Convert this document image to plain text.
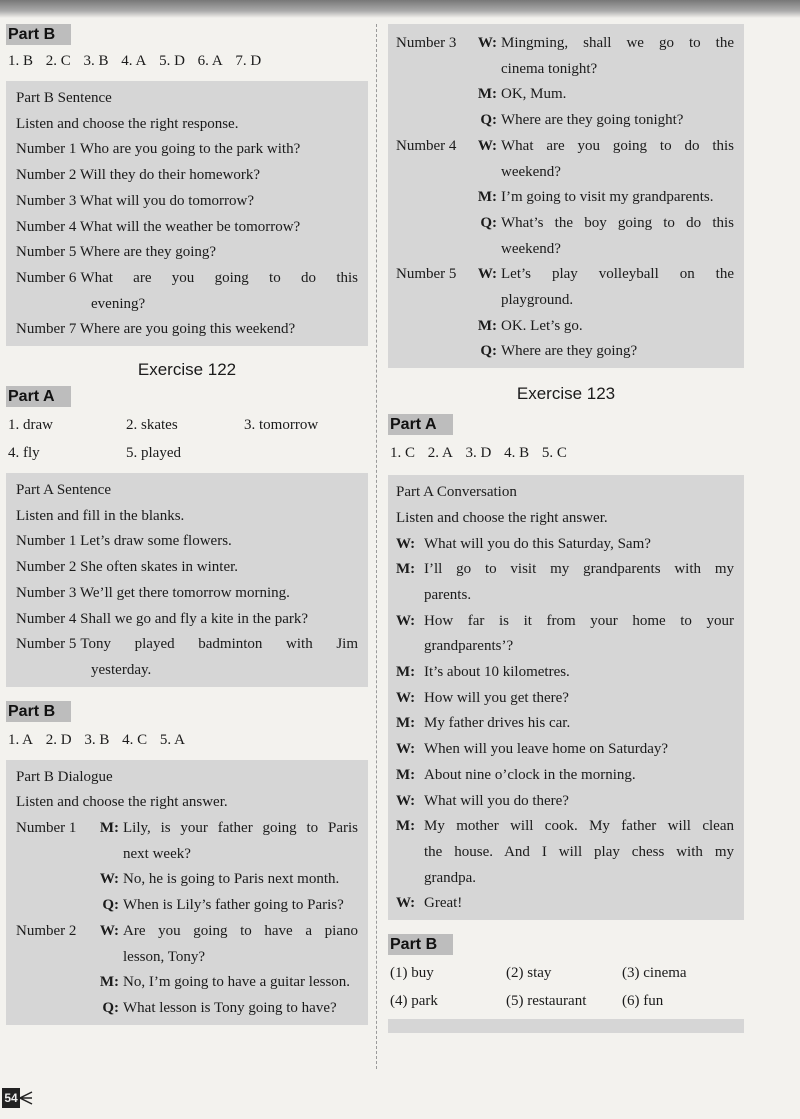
Part B
1. B 2. C 3. B 4. A 5. D 6. A 7. D

Part B Sentence

Listen and choose the right response.

Number 1 Who are you going to the park with?

Number 2 Will they do their homework?

Number 3 What will you do tomorrow?

Number 4 What will the weather be tomorrow?

Number 5 Where are they going?

Number 6 What are you going to do this

evening?

Number 7 Where are you going this weekend?

Exercise 122

Part A
1. draw	2. skates	3. tomorrow
4. fly	5. played

Part A Sentence

Listen and fill in the blanks.

Number 1 Let’s draw some flowers.

Number 2 She often skates in winter.

Number 3 We’ll get there tomorrow morning.

Number 4 Shall we go and fly a kite in the park?

Number 5 Tony played badminton with Jim

yesterday.

Part B
1. A 2. D 3. B 4. C 5. A

Part B Dialogue

Listen and choose the right answer.

Number 1	M: Lily, is your father going to Paris

next week?

W: No, he is going to Paris next month.
Q: When is Lily’s father going to Paris?
Number 2	W: Are you going to have a piano

lesson, Tony?

M: No, I’m going to have a guitar lesson.
Q: What lesson is Tony going to have?
Number 3	W: Mingming, shall we go to the

cinema tonight?

M: OK, Mum.
Q: Where are they going tonight?
Number 4	W: What are you going to do this

weekend?

M: I’m going to visit my grandparents.
Q: What’s the boy going to do this

weekend?

Number 5	W: Let’s play volleyball on the

playground.

M: OK. Let’s go.
Q: Where are they going?

Exercise 123

Part A
1. C 2. A 3. D 4. B 5. C

Part A Conversation

Listen and choose the right answer.

W: What will you do this Saturday, Sam?
M: I’ll go to visit my grandparents with my

parents.

W: How far is it from your home to your

grandparents’?

M: It’s about 10 kilometres.
W: How will you get there?
M: My father drives his car.
W: When will you leave home on Saturday?
M: About nine o’clock in the morning.
W: What will you do there?
M: My mother will cook. My father will clean

the house. And I will play chess with my

grandpa.

W: Great!
Part B
(1) buy	(2) stay	(3) cinema
(4) park	(5) restaurant	(6) fun
54
